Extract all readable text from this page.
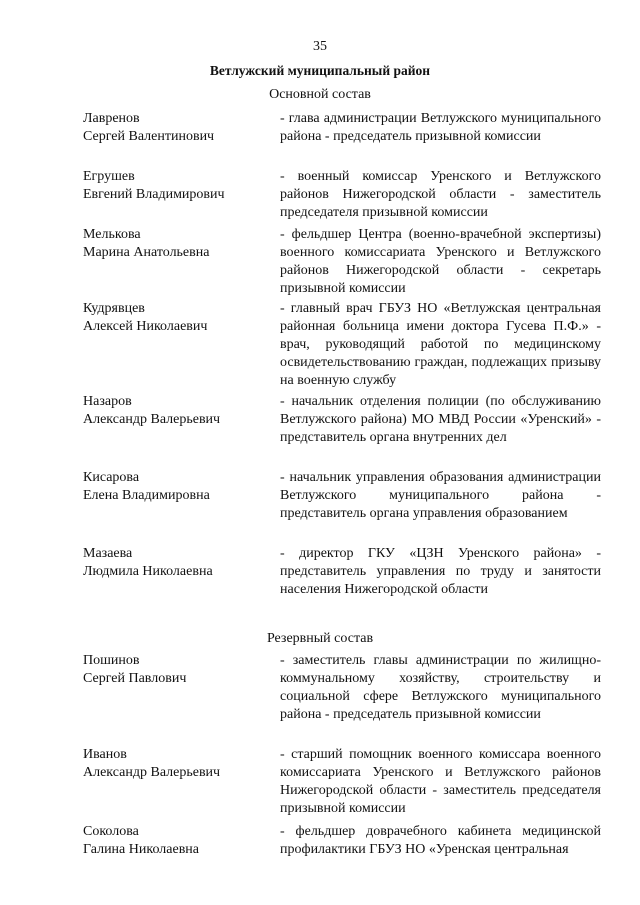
35
Ветлужский муниципальный район
Основной состав
Лавренов
Сергей Валентинович
- глава администрации Ветлужского муниципального района - председатель призывной комиссии
Егрушев
Евгений Владимирович
- военный комиссар Уренского и Ветлужского районов Нижегородской области - заместитель председателя призывной комиссии
Мелькова
Марина Анатольевна
- фельдшер Центра (военно-врачебной экспертизы) военного комиссариата Уренского и Ветлужского районов Нижегородской области - секретарь призывной комиссии
Кудрявцев
Алексей Николаевич
- главный врач ГБУЗ НО «Ветлужская центральная районная больница имени доктора Гусева П.Ф.» - врач, руководящий работой по медицинскому освидетельствованию граждан, подлежащих призыву на военную службу
Назаров
Александр Валерьевич
- начальник отделения полиции (по обслуживанию Ветлужского района) МО МВД России «Уренский» - представитель органа внутренних дел
Кисарова
Елена Владимировна
- начальник управления образования администрации Ветлужского муниципального района - представитель органа управления образованием
Мазаева
Людмила Николаевна
- директор ГКУ «ЦЗН Уренского района» - представитель управления по труду и занятости населения Нижегородской области
Резервный состав
Пошинов
Сергей Павлович
- заместитель главы администрации по жилищно-коммунальному хозяйству, строительству и социальной сфере Ветлужского муниципального района - председатель призывной комиссии
Иванов
Александр Валерьевич
- старший помощник военного комиссара военного комиссариата Уренского и Ветлужского районов Нижегородской области - заместитель председателя призывной комиссии
Соколова
Галина Николаевна
- фельдшер доврачебного кабинета медицинской профилактики ГБУЗ НО «Уренская центральная
